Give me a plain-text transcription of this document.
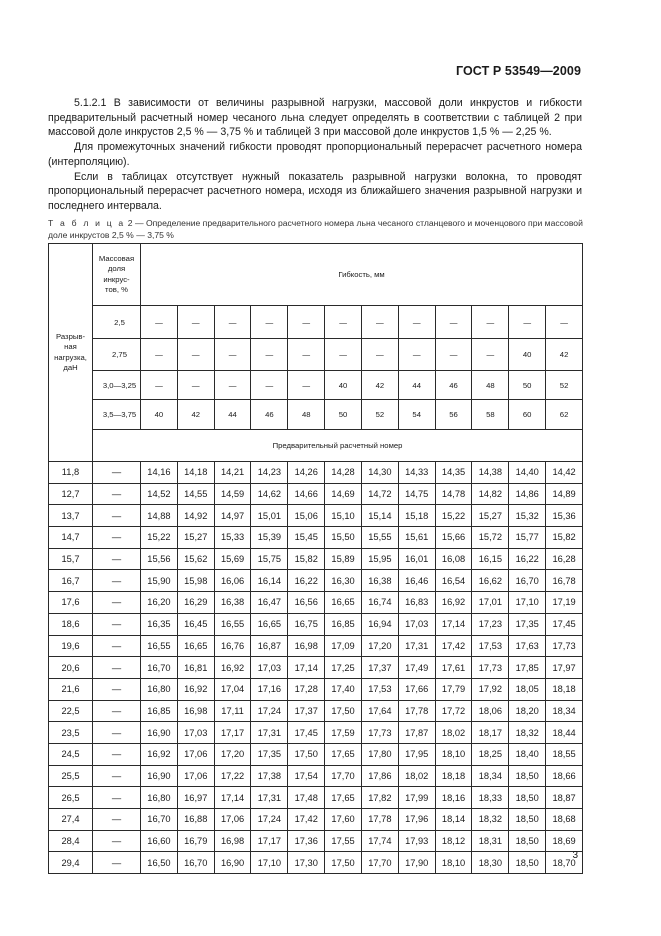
ГОСТ Р 53549—2009

5.1.2.1 В зависимости от величины разрывной нагрузки, массовой доли инкрустов и гибкости предварительный расчетный номер чесаного льна следует определять в соответствии с таблицей 2 при массовой доле инкрустов 2,5 % — 3,75 % и таблицей 3 при массовой доле инкрустов 1,5 % — 2,25 %.

Для промежуточных значений гибкости проводят пропорциональный перерасчет расчетного номера (интерполяцию).

Если в таблицах отсутствует нужный показатель разрывной нагрузки волокна, то проводят пропорциональный перерасчет расчетного номера, исходя из ближайшего значения разрывной нагрузки и последнего интервала.

Т а б л и ц а 2 — Определение предварительного расчетного номера льна чесаного стланцевого и моченцового при массовой доле инкрустов 2,5 % — 3,75 %
Разрыв-
ная
нагрузка,
даН	Массовая
доля
инкрус-
тов, %	Гибкость, мм											
	2,5	—	—	—	—	—	—	—	—	—	—	—	—
	2,75	—	—	—	—	—	—	—	—	—	—	40	42
	3,0—3,25	—	—	—	—	—	40	42	44	46	48	50	52
	3,5—3,75	40	42	44	46	48	50	52	54	56	58	60	62
	Предварительный расчетный номер												
11,8	—	14,16	14,18	14,21	14,23	14,26	14,28	14,30	14,33	14,35	14,38	14,40	14,42
12,7	—	14,52	14,55	14,59	14,62	14,66	14,69	14,72	14,75	14,78	14,82	14,86	14,89
13,7	—	14,88	14,92	14,97	15,01	15,06	15,10	15,14	15,18	15,22	15,27	15,32	15,36
14,7	—	15,22	15,27	15,33	15,39	15,45	15,50	15,55	15,61	15,66	15,72	15,77	15,82
15,7	—	15,56	15,62	15,69	15,75	15,82	15,89	15,95	16,01	16,08	16,15	16,22	16,28
16,7	—	15,90	15,98	16,06	16,14	16,22	16,30	16,38	16,46	16,54	16,62	16,70	16,78
17,6	—	16,20	16,29	16,38	16,47	16,56	16,65	16,74	16,83	16,92	17,01	17,10	17,19
18,6	—	16,35	16,45	16,55	16,65	16,75	16,85	16,94	17,03	17,14	17,23	17,35	17,45
19,6	—	16,55	16,65	16,76	16,87	16,98	17,09	17,20	17,31	17,42	17,53	17,63	17,73
20,6	—	16,70	16,81	16,92	17,03	17,14	17,25	17,37	17,49	17,61	17,73	17,85	17,97
21,6	—	16,80	16,92	17,04	17,16	17,28	17,40	17,53	17,66	17,79	17,92	18,05	18,18
22,5	—	16,85	16,98	17,11	17,24	17,37	17,50	17,64	17,78	17,72	18,06	18,20	18,34
23,5	—	16,90	17,03	17,17	17,31	17,45	17,59	17,73	17,87	18,02	18,17	18,32	18,44
24,5	—	16,92	17,06	17,20	17,35	17,50	17,65	17,80	17,95	18,10	18,25	18,40	18,55
25,5	—	16,90	17,06	17,22	17,38	17,54	17,70	17,86	18,02	18,18	18,34	18,50	18,66
26,5	—	16,80	16,97	17,14	17,31	17,48	17,65	17,82	17,99	18,16	18,33	18,50	18,87
27,4	—	16,70	16,88	17,06	17,24	17,42	17,60	17,78	17,96	18,14	18,32	18,50	18,68
28,4	—	16,60	16,79	16,98	17,17	17,36	17,55	17,74	17,93	18,12	18,31	18,50	18,69
29,4	—	16,50	16,70	16,90	17,10	17,30	17,50	17,70	17,90	18,10	18,30	18,50	18,70
3
